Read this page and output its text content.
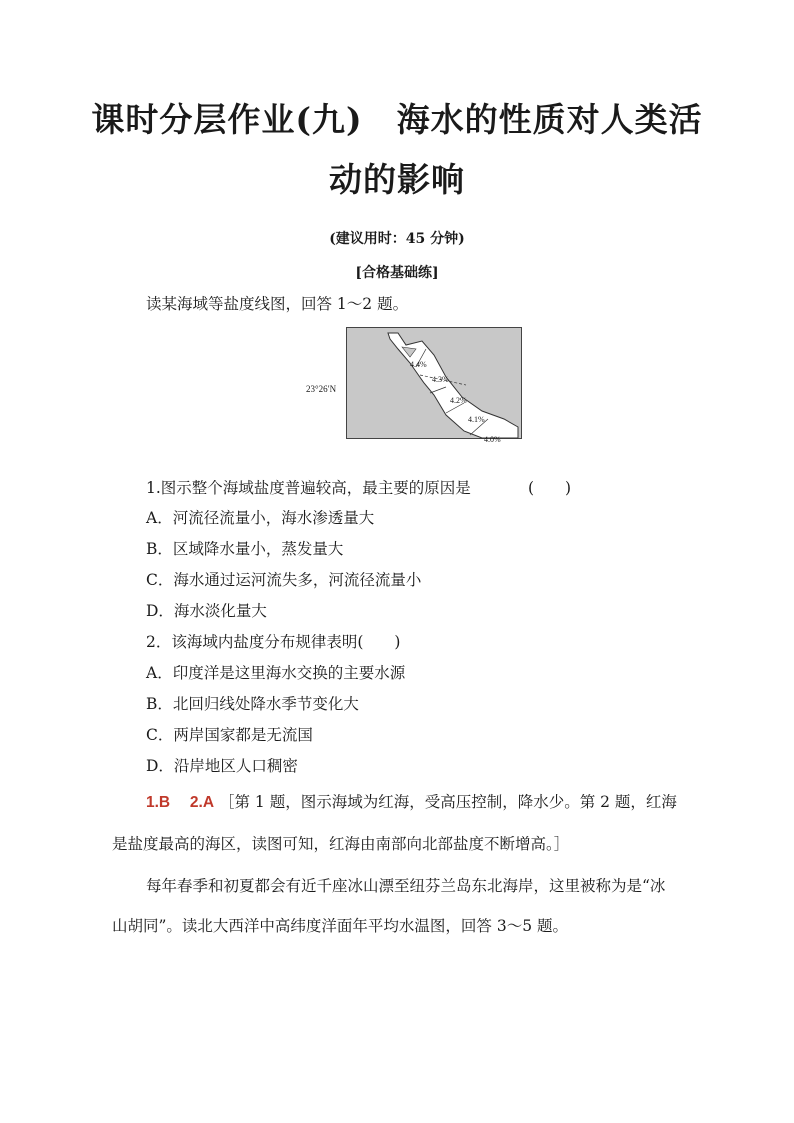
课时分层作业(九)　海水的性质对人类活
动的影响
(建议用时：45 分钟)
[合格基础练]
读某海域等盐度线图，回答 1～2 题。
23°26′N
4.4%
4.3%
4.2%
4.1%
4.0%
1.图示整个海域盐度普遍较高，最主要的原因是	(　　)
A．河流径流量小，海水渗透量大
B．区域降水量小，蒸发量大
C．海水通过运河流失多，河流径流量小
D．海水淡化量大
2．该海域内盐度分布规律表明(　　)
A．印度洋是这里海水交换的主要水源
B．北回归线处降水季节变化大
C．两岸国家都是无流国
D．沿岸地区人口稠密
1.B　 2.A ［第 1 题，图示海域为红海，受高压控制，降水少。第 2 题，红海
是盐度最高的海区，读图可知，红海由南部向北部盐度不断增高。］
每年春季和初夏都会有近千座冰山漂至纽芬兰岛东北海岸，这里被称为是“冰
山胡同”。读北大西洋中高纬度洋面年平均水温图，回答 3～5 题。
